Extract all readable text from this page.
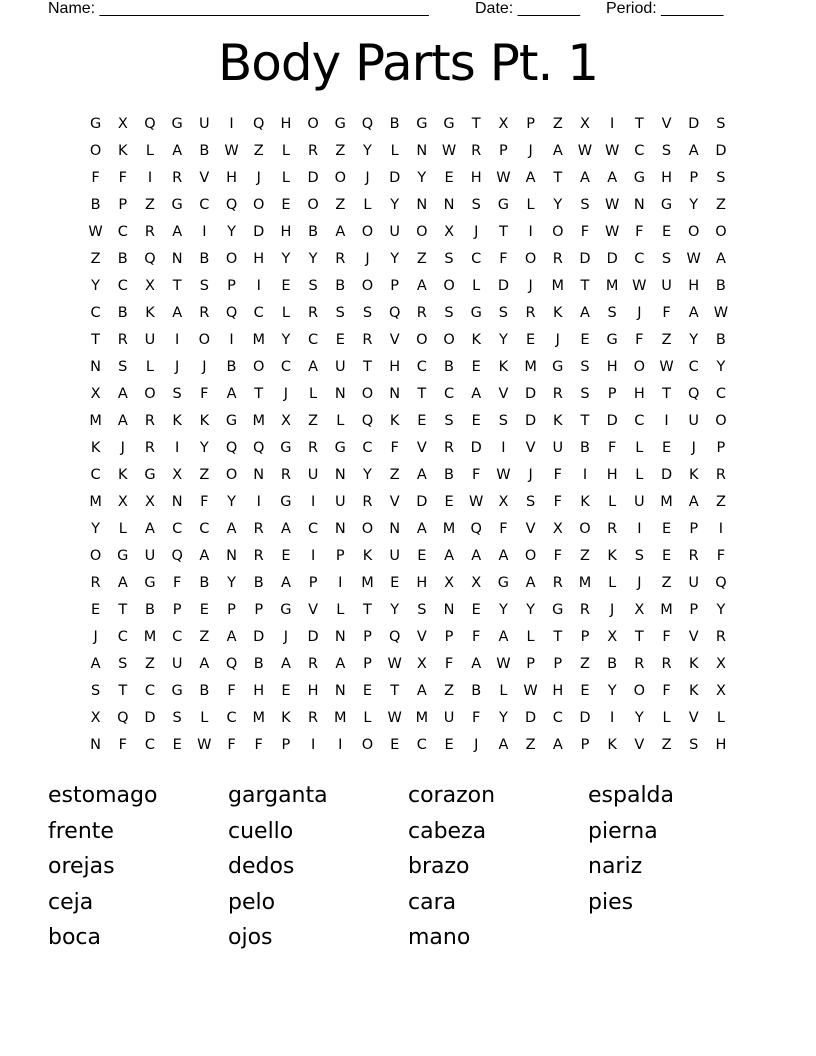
Name: _____________________________________	Date: _______ Period: _______
Body Parts Pt. 1
G	X	Q	G	U	I	Q	H	O	G	Q	B	G	G	T	X	P	Z	X	I	T	V	D	S
O	K	L	A	B	W	Z	L	R	Z	Y	L	N	W	R	P	J	A	W W	C	S	A	D
F	F	I	R	V	H	J	L	D	O	J	D	Y	E	H	W	A	T	A	A	G	H	P	S
B	P	Z	G	C	Q	O	E	O	Z	L	Y	N	N	S	G	L	Y	S	W	N	G	Y	Z
W	C	R	A	I	Y	D	H	B	A	O	U	O	X	J	T	I	O	F	W	F	E	O	O
Z	B	Q	N	B	O	H	Y	Y	R	J	Y	Z	S	C	F	O	R	D	D	C	S	W	A
Y	C	X	T	S	P	I	E	S	B	O	P	A	O	L	D	J	M	T	M W	U	H	B
C	B	K	A	R	Q	C	L	R	S	S	Q	R	S	G	S	R	K	A	S	J	F	A	W
T	R	U	I	O	I	M	Y	C	E	R	V	O	O	K	Y	E	J	E	G	F	Z	Y	B
N	S	L	J	J	B	O	C	A	U	T	H	C	B	E	K	M	G	S	H	O W	C	Y
X	A	O	S	F	A	T	J	L	N	O	N	T	C	A	V	D	R	S	P	H	T	Q	C
M	A	R	K	K	G	M	X	Z	L	Q	K	E	S	E	S	D	K	T	D	C	I	U	O
K	J	R	I	Y	Q	Q	G	R	G	C	F	V	R	D	I	V	U	B	F	L	E	J	P
C	K	G	X	Z	O	N	R	U	N	Y	Z	A	B	F	W	J	F	I	H	L	D	K	R
M	X	X	N	F	Y	I	G	I	U	R	V	D	E	W	X	S	F	K	L	U	M	A	Z
Y	L	A	C	C	A	R	A	C	N	O	N	A	M	Q	F	V	X	O	R	I	E	P	I
O	G	U	Q	A	N	R	E	I	P	K	U	E	A	A	A	O	F	Z	K	S	E	R	F
R	A	G	F	B	Y	B	A	P	I	M	E	H	X	X	G	A	R	M	L	J	Z	U	Q
E	T	B	P	E	P	P	G	V	L	T	Y	S	N	E	Y	Y	G	R	J	X	M	P	Y
J	C	M	C	Z	A	D	J	D	N	P	Q	V	P	F	A	L	T	P	X	T	F	V	R
A	S	Z	U	A	Q	B	A	R	A	P	W	X	F	A	W	P	P	Z	B	R	R	K	X
S	T	C	G	B	F	H	E	H	N	E	T	A	Z	B	L	W	H	E	Y	O	F	K	X
X	Q	D	S	L	C	M	K	R	M	L	W M	U	F	Y	D	C	D	I	Y	L	V	L
N	F	C	E	W	F	F	P	I	I	O	E	C	E	J	A	Z	A	P	K	V	Z	S	H
estomago
frente
orejas
ceja
boca
garganta
cuello
dedos
pelo
ojos
corazon
cabeza
brazo
cara
mano
espalda
pierna
nariz
pies
